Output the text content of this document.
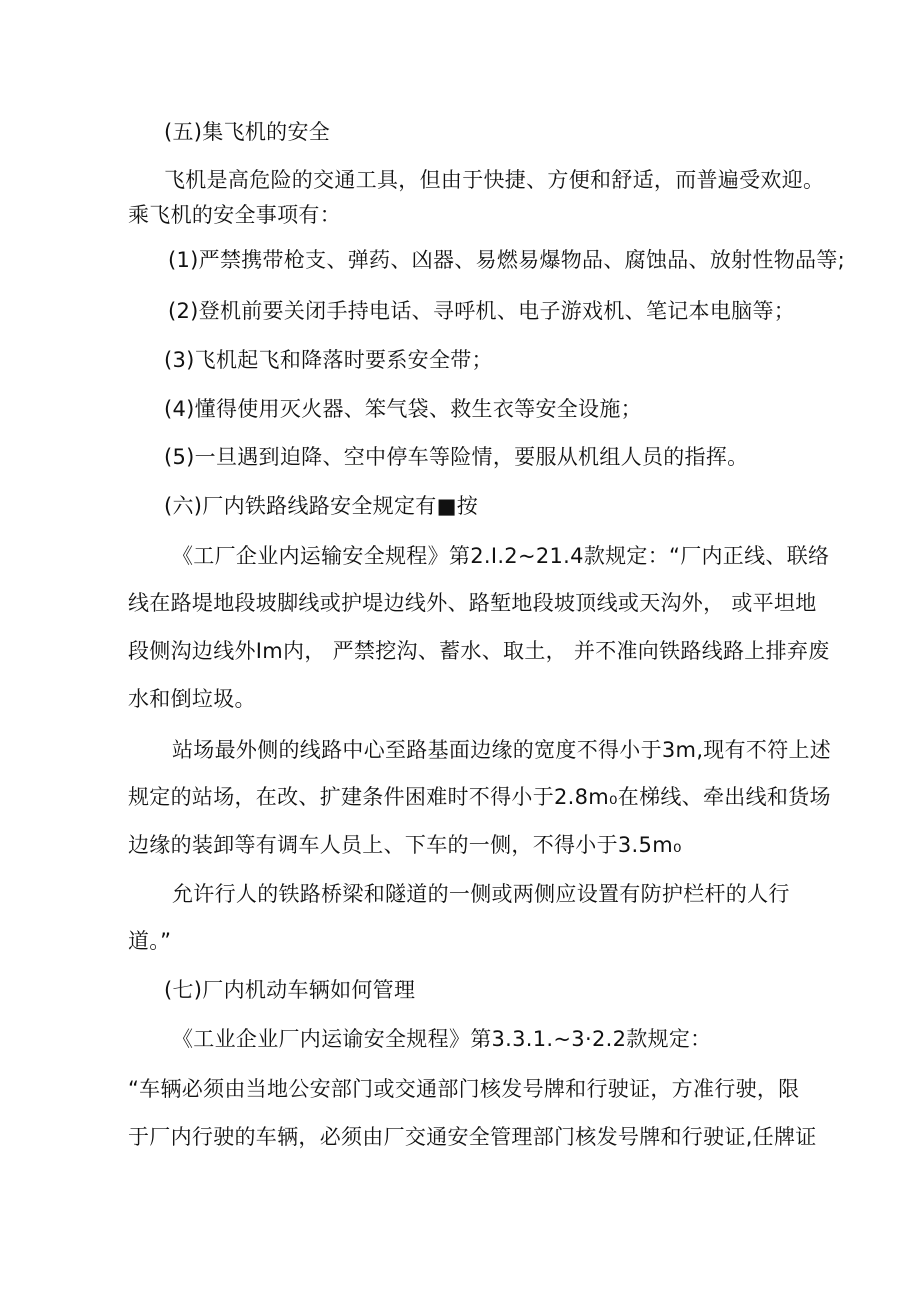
(五)集飞机的安全
飞机是高危险的交通工具，但由于快捷、方便和舒适，而普遍受欢迎。
乘飞机的安全事项有：
(1)严禁携带枪支、弹药、凶器、易燃易爆物品、腐蚀品、放射性物品等;
(2)登机前要关闭手持电话、寻呼机、电子游戏机、笔记本电脑等；
(3)飞机起飞和降落时要系安全带；
(4)懂得使用灭火器、笨气袋、救生衣等安全设施；
(5)一旦遇到迫降、空中停车等险情，要服从机组人员的指挥。
(六)厂内铁路线路安全规定有■按
《工厂企业内运输安全规程》第2.I.2~21.4款规定：“厂内正线、联络
线在路堤地段坡脚线或护堤边线外、路堑地段坡顶线或天沟外， 或平坦地
段侧沟边线外Im内， 严禁挖沟、蓄水、取土， 并不准向铁路线路上排弃废
水和倒垃圾。
站场最外侧的线路中心至路基面边缘的宽度不得小于3m,现有不符上述
规定的站场，在改、扩建条件困难时不得小于2.8m₀在梯线、牵出线和货场
边缘的装卸等有调车人员上、下车的一侧，不得小于3.5m₀
允许行人的铁路桥梁和隧道的一侧或两侧应设置有防护栏杆的人行
道。”
(七)厂内机动车辆如何管理
《工业企业厂内运谕安全规程》第3.3.1.~3·2.2款规定：
“车辆必须由当地公安部门或交通部门核发号牌和行驶证，方准行驶，限
于厂内行驶的车辆，必须由厂交通安全管理部门核发号牌和行驶证,任牌证
